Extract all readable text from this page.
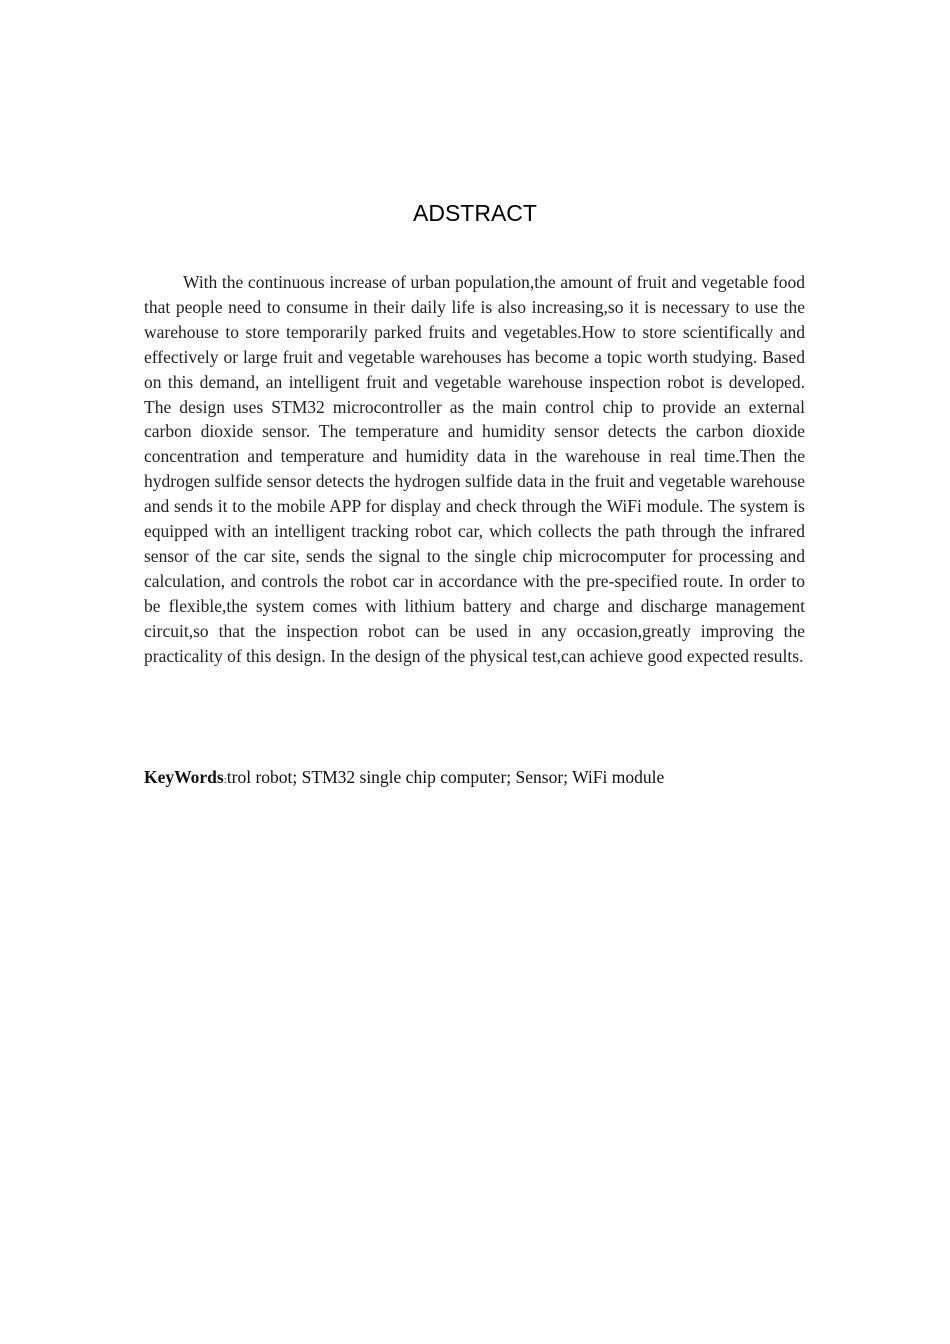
ADSTRACT

With the continuous increase of urban population,the amount of fruit and vegetable food that people need to consume in their daily life is also increasing,so it is necessary to use the warehouse to store temporarily parked fruits and vegetables.How to store scientifically and effectively or large fruit and vegetable warehouses has become a topic worth studying. Based on this demand, an intelligent fruit and vegetable warehouse inspection robot is developed. The design uses STM32 microcontroller as the main control chip to provide an external carbon dioxide sensor. The temperature and humidity sensor detects the carbon dioxide concentration and temperature and humidity data in the warehouse in real time.Then the hydrogen sulfide sensor detects the hydrogen sulfide data in the fruit and vegetable warehouse and sends it to the mobile APP for display and check through the WiFi module. The system is equipped with an intelligent tracking robot car, which collects the path through the infrared sensor of the car site, sends the signal to the single chip microcomputer for processing and calculation, and controls the robot car in accordance with the pre-specified route. In order to be flexible,the system comes with lithium battery and charge and discharge management circuit,so that the inspection robot can be used in any occasion,greatly improving the practicality of this design. In the design of the physical test,can achieve good expected results.

KeyWords:trol robot; STM32 single chip computer; Sensor; WiFi module
